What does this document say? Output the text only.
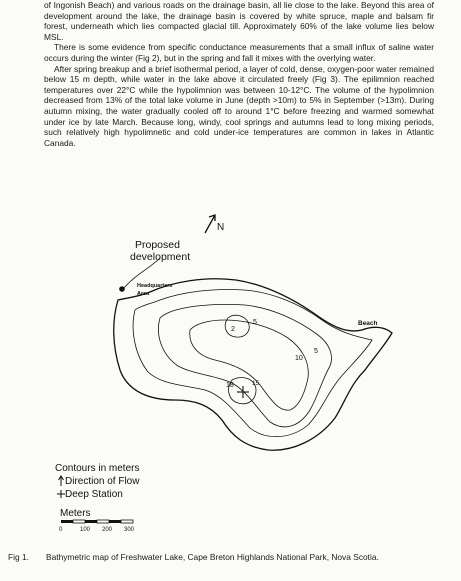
of Ingonish Beach) and various roads on the drainage basin, all lie close to the lake. Beyond this area of development around the lake, the drainage basin is covered by white spruce, maple and balsam fir forest, underneath which lies compacted glacial till. Approximately 60% of the lake volume lies below MSL.

There is some evidence from specific conductance measurements that a small influx of saline water occurs during the winter (Fig 2), but in the spring and fall it mixes with the overlying water.

After spring breakup and a brief isothermal period, a layer of cold, dense, oxygen-poor water remained below 15 m depth, while water in the lake above it circulated freely (Fig 3). The epilimnion reached temperatures over 22°C while the hypolimnion was between 10-12°C. The volume of the hypolimnion decreased from 13% of the total lake volume in June (depth >10m) to 5% in September (>13m). During autumn mixing, the water gradually cooled off to around 1°C before freezing and warmed somewhat under ice by late March. Because long, windy, cool springs and autumns lead to long mixing periods, such relatively high hypolimnetic and cold under-ice temperatures are common in lakes in Atlantic Canada.

N
Proposed
development
Headquarters
Area
2
5
10
5
18	15
Beach
Contours in meters
Direction of Flow
Deep Station
Meters
0	100 200 300
Fig 1. Bathymetric map of Freshwater Lake, Cape Breton Highlands National Park, Nova Scotia.
